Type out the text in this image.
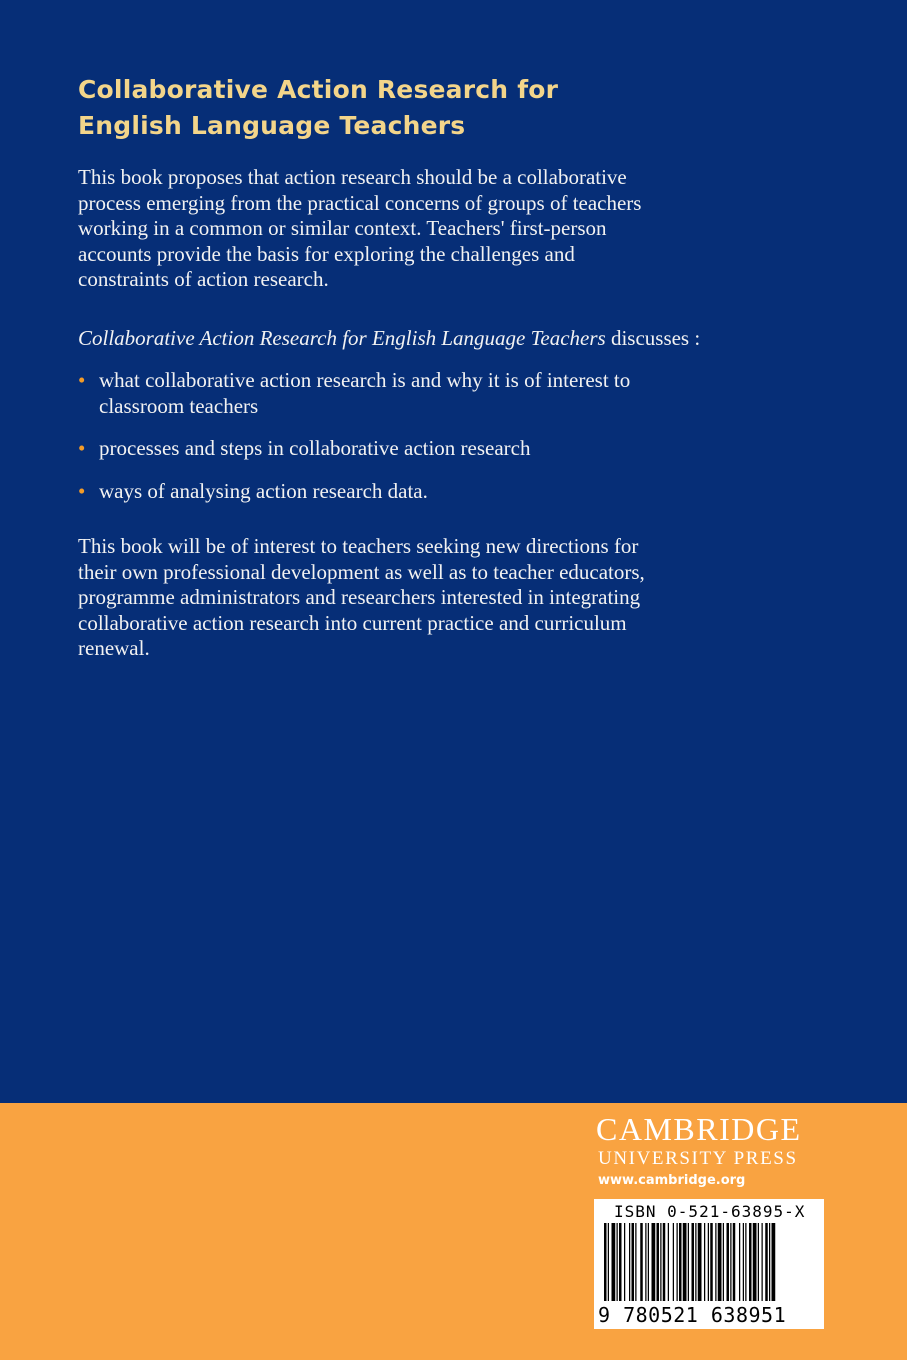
Collaborative Action Research for
English Language Teachers
This book proposes that action research should be a collaborative
process emerging from the practical concerns of groups of teachers
working in a common or similar context. Teachers' first-person
accounts provide the basis for exploring the challenges and
constraints of action research.
Collaborative Action Research for English Language Teachers discusses :
• what collaborative action research is and why it is of interest to
classroom teachers
• processes and steps in collaborative action research
• ways of analysing action research data.
This book will be of interest to teachers seeking new directions for
their own professional development as well as to teacher educators,
programme administrators and researchers interested in integrating
collaborative action research into current practice and curriculum
renewal.
CAMBRIDGE
UNIVERSITY PRESS
www.cambridge.org
ISBN 0-521-63895-X
9 780521 638951
